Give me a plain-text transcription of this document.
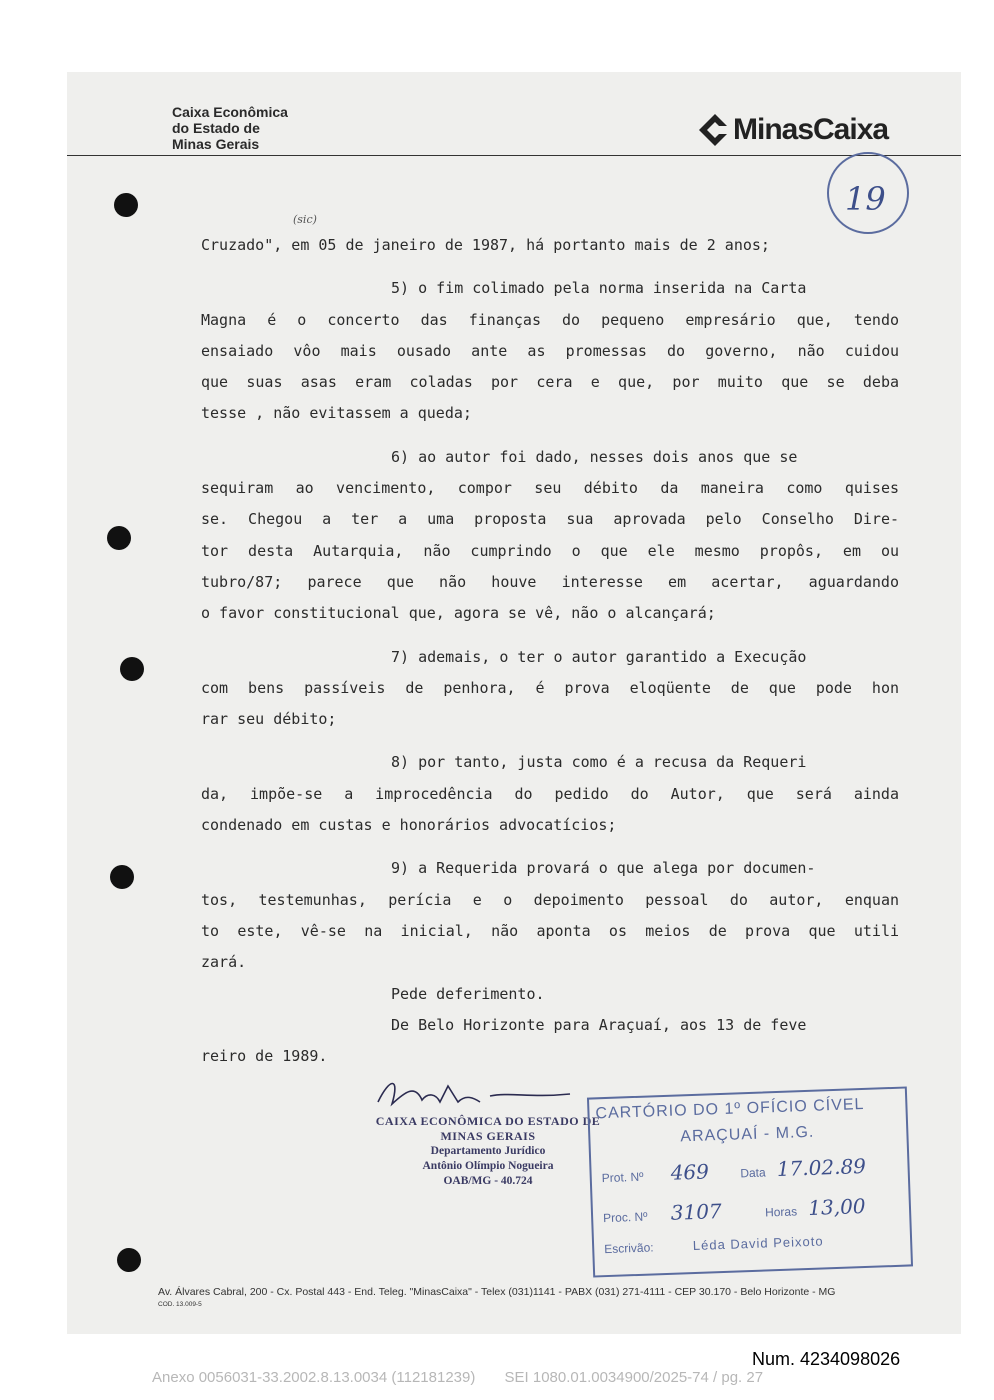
Caixa Econômica
do Estado de
Minas Gerais	MinasCaixa
19
(sic)
Cruzado", em 05 de janeiro de 1987, há portanto mais de 2 anos;
5) o fim colimado pela norma inserida na Carta
Magna é o concerto das finanças do pequeno empresário que, tendo
ensaiado vôo mais ousado ante as promessas do governo, não cuidou
que suas asas eram coladas por cera e que, por muito que se deba
tesse , não evitassem a queda;
6) ao autor foi dado, nesses dois anos que se
sequiram ao vencimento, compor seu débito da maneira como quises
se. Chegou a ter a uma proposta sua aprovada pelo Conselho Dire-
tor desta Autarquia, não cumprindo o que ele mesmo propôs, em ou
tubro/87; parece que não houve interesse em acertar, aguardando
o favor constitucional que, agora se vê, não o alcançará;
7) ademais, o ter o autor garantido a Execução
com bens passíveis de penhora, é prova eloqüente de que pode hon
rar seu débito;
8) por tanto, justa como é a recusa da Requeri
da, impõe-se a improcedência do pedido do Autor, que será ainda
condenado em custas e honorários advocatícios;
9) a Requerida provará o que alega por documen-
tos, testemunhas, perícia e o depoimento pessoal do autor, enquan
to este, vê-se na inicial, não aponta os meios de prova que utili
zará.
Pede deferimento.
De Belo Horizonte para Araçuaí, aos 13 de feve
reiro de 1989.
CAIXA ECONÔMICA DO ESTADO DE MINAS GERAIS
Departamento Jurídico
Antônio Olímpio Nogueira
OAB/MG - 40.724
CARTÓRIO DO 1º OFÍCIO CÍVEL
ARAÇUAÍ - M.G.
Prot. Nº 469	Data 17.02.89
Proc. Nº 3107	Horas 13,00
Escrivão:	Léda David Peixoto
Av. Álvares Cabral, 200 - Cx. Postal 443 - End. Teleg. "MinasCaixa" - Telex (031)1141 - PABX (031) 271-4111 - CEP 30.170 - Belo Horizonte - MG
COD. 13.009-5
Num. 4234098026
Anexo 0056031-33.2002.8.13.0034 (112181239)       SEI 1080.01.0034900/2025-74 / pg. 27
